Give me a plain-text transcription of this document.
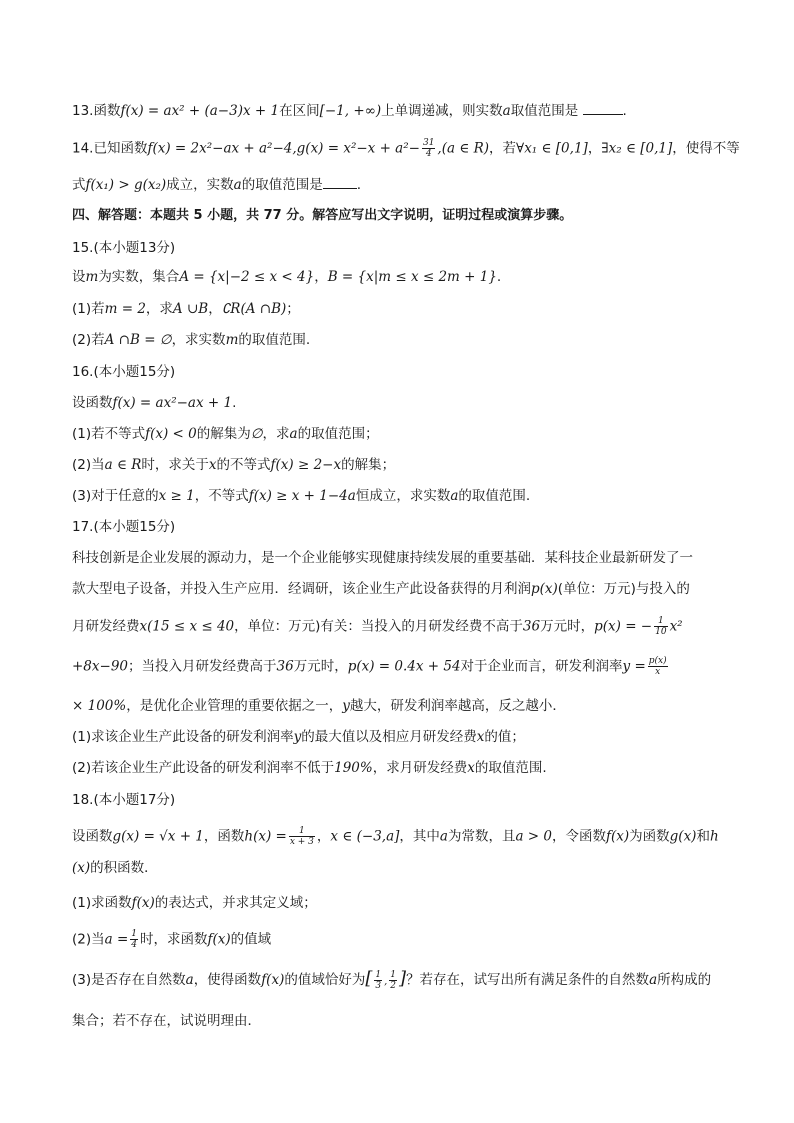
13.函数f(x) = ax² + (a−3)x + 1在区间[−1, +∞)上单调递减，则实数a取值范围是	.
14.已知函数$f(x) = 2x^2-ax + a^2-4,g(x) = x^2-x + a^2- \frac{31}{4} ,(a$ ∈ R)，若∀x₁ ∈ [0,1]，∃x₂ ∈ [0,1]，使得不等
式f(x₁) > g(x₂)成立，实数a的取值范围是	.
四、解答题：本题共 5 小题，共 77 分。解答应写出文字说明，证明过程或演算步骤。
15.(本小题13分)
设m为实数，集合A = {x|−2 ≤ x < 4}，B = {x|m ≤ x ≤ 2m + 1}.
(1)若m = 2，求A ∪B，∁R(A ∩B)；
(2)若A ∩B = ∅，求实数m的取值范围.
16.(本小题15分)
设函数f(x) = ax²−ax + 1.
(1)若不等式f(x) < 0的解集为∅，求a的取值范围；
(2)当a ∈ R时，求关于x的不等式f(x) ≥ 2−x的解集；
(3)对于任意的x ≥ 1，不等式f(x) ≥ x + 1−4a恒成立，求实数a的取值范围.
17.(本小题15分)
科技创新是企业发展的源动力，是一个企业能够实现健康持续发展的重要基础．某科技企业最新研发了一
款大型电子设备，并投入生产应用．经调研，该企业生产此设备获得的月利润p(x)(单位：万元)与投入的
月研发经费x(15 ≤ x ≤ 40，单位：万元)有关：当投入的月研发经费不高于36万元时，p(x) = − $\frac{1}{10} x^2$
+8x−90；当投入月研发经费高于36万元时，p(x) = 0.4x + 54对于企业而言，研发利润率$y = \frac{p(x)}{x}$
× 100%，是优化企业管理的重要依据之一，y越大，研发利润率越高，反之越小．
(1)求该企业生产此设备的研发利润率y的最大值以及相应月研发经费x的值；
(2)若该企业生产此设备的研发利润率不低于190%，求月研发经费x的取值范围.
18.(本小题17分)
设函数g(x) = √x + 1，函数$h(x) = \frac{1}{x + 3}$ ，x ∈ (−3,a]，其中a为常数，且a > 0，令函数f(x)为函数g(x)和h
(x)的积函数．
(1)求函数f(x)的表达式，并求其定义域；
(2)当$a = \frac{1}{4}$ 时，求函数f(x)的值域
(3)是否存在自然数a，使得函数f(x)的值域恰好为[ $\frac{1}{3}$ , $\frac{1}{2}$ ]？若存在，试写出所有满足条件的自然数a所构成的
集合；若不存在，试说明理由．
